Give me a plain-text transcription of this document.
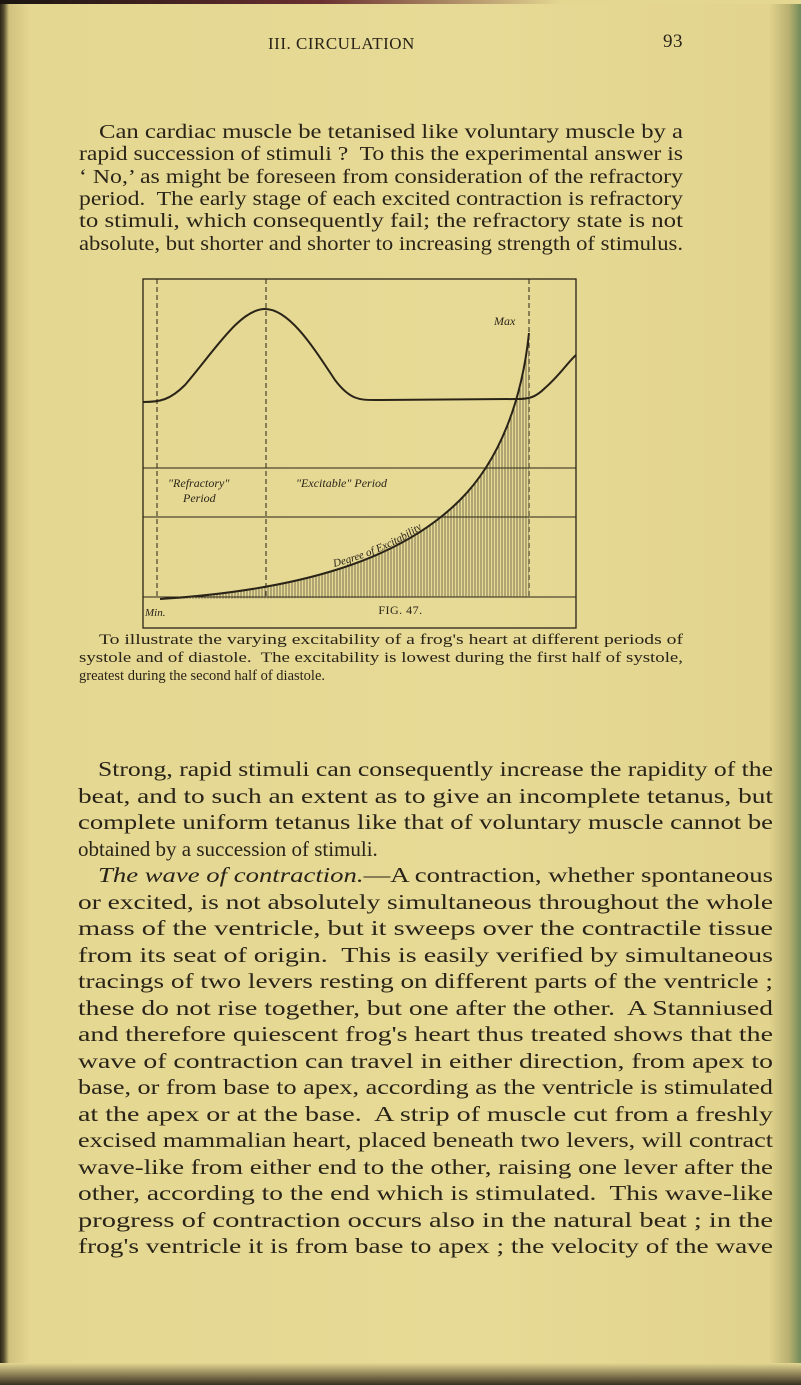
III. CIRCULATION	93
Can cardiac muscle be tetanised like voluntary muscle by a
rapid succession of stimuli ?  To this the experimental answer is
‘ No,’ as might be foreseen from consideration of the refractory
period.  The early stage of each excited contraction is refractory
to stimuli, which consequently fail; the refractory state is not
absolute, but shorter and shorter to increasing strength of stimulus.
Max
Min.
"Refractory"
Period
"Excitable" Period
Degree of Excitability
FIG. 47.
To illustrate the varying excitability of a frog's heart at different periods of
systole and of diastole.  The excitability is lowest during the first half of systole,
greatest during the second half of diastole.
Strong, rapid stimuli can consequently increase the rapidity of the
beat, and to such an extent as to give an incomplete tetanus, but
complete uniform tetanus like that of voluntary muscle cannot be
obtained by a succession of stimuli.
The wave of contraction.—A contraction, whether spontaneous
or excited, is not absolutely simultaneous throughout the whole
mass of the ventricle, but it sweeps over the contractile tissue
from its seat of origin.  This is easily verified by simultaneous
tracings of two levers resting on different parts of the ventricle ;
these do not rise together, but one after the other.  A Stanniused
and therefore quiescent frog's heart thus treated shows that the
wave of contraction can travel in either direction, from apex to
base, or from base to apex, according as the ventricle is stimulated
at the apex or at the base.  A strip of muscle cut from a freshly
excised mammalian heart, placed beneath two levers, will contract
wave-like from either end to the other, raising one lever after the
other, according to the end which is stimulated.  This wave-like
progress of contraction occurs also in the natural beat ; in the
frog's ventricle it is from base to apex ; the velocity of the wave
